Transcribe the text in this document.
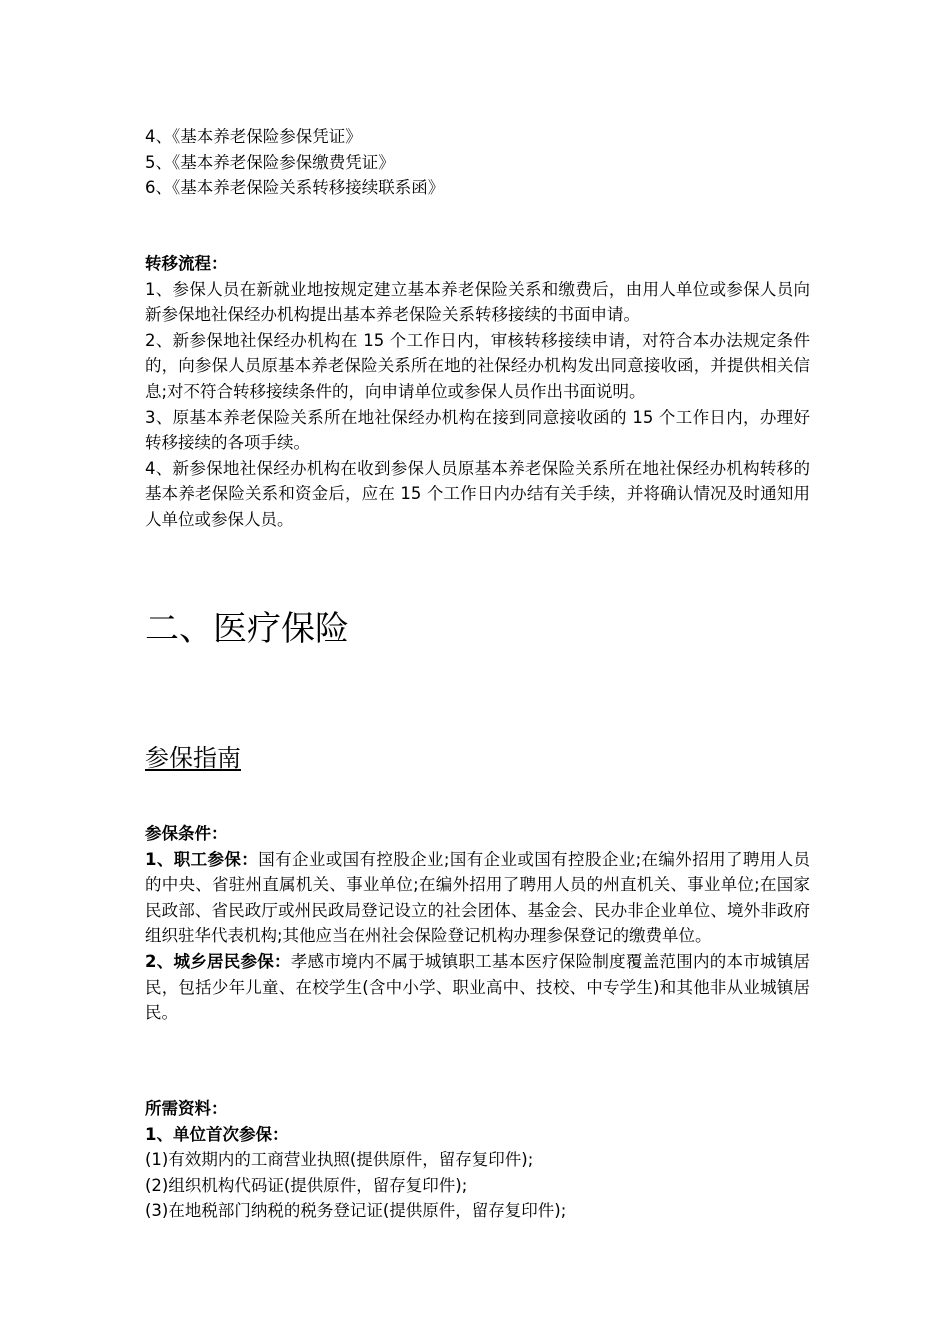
4、《基本养老保险参保凭证》

5、《基本养老保险参保缴费凭证》

6、《基本养老保险关系转移接续联系函》

转移流程：

1、参保人员在新就业地按规定建立基本养老保险关系和缴费后，由用人单位或参保人员向新参保地社保经办机构提出基本养老保险关系转移接续的书面申请。

2、新参保地社保经办机构在 15 个工作日内，审核转移接续申请，对符合本办法规定条件的，向参保人员原基本养老保险关系所在地的社保经办机构发出同意接收函，并提供相关信息;对不符合转移接续条件的，向申请单位或参保人员作出书面说明。

3、原基本养老保险关系所在地社保经办机构在接到同意接收函的 15 个工作日内，办理好转移接续的各项手续。

4、新参保地社保经办机构在收到参保人员原基本养老保险关系所在地社保经办机构转移的基本养老保险关系和资金后，应在 15 个工作日内办结有关手续，并将确认情况及时通知用人单位或参保人员。

二、医疗保险
参保指南

参保条件：

1、职工参保：国有企业或国有控股企业;国有企业或国有控股企业;在编外招用了聘用人员的中央、省驻州直属机关、事业单位;在编外招用了聘用人员的州直机关、事业单位;在国家民政部、省民政厅或州民政局登记设立的社会团体、基金会、民办非企业单位、境外非政府组织驻华代表机构;其他应当在州社会保险登记机构办理参保登记的缴费单位。

2、城乡居民参保：孝感市境内不属于城镇职工基本医疗保险制度覆盖范围内的本市城镇居民，包括少年儿童、在校学生(含中小学、职业高中、技校、中专学生)和其他非从业城镇居民。

所需资料：

1、单位首次参保：

(1)有效期内的工商营业执照(提供原件，留存复印件);

(2)组织机构代码证(提供原件，留存复印件);

(3)在地税部门纳税的税务登记证(提供原件，留存复印件);
